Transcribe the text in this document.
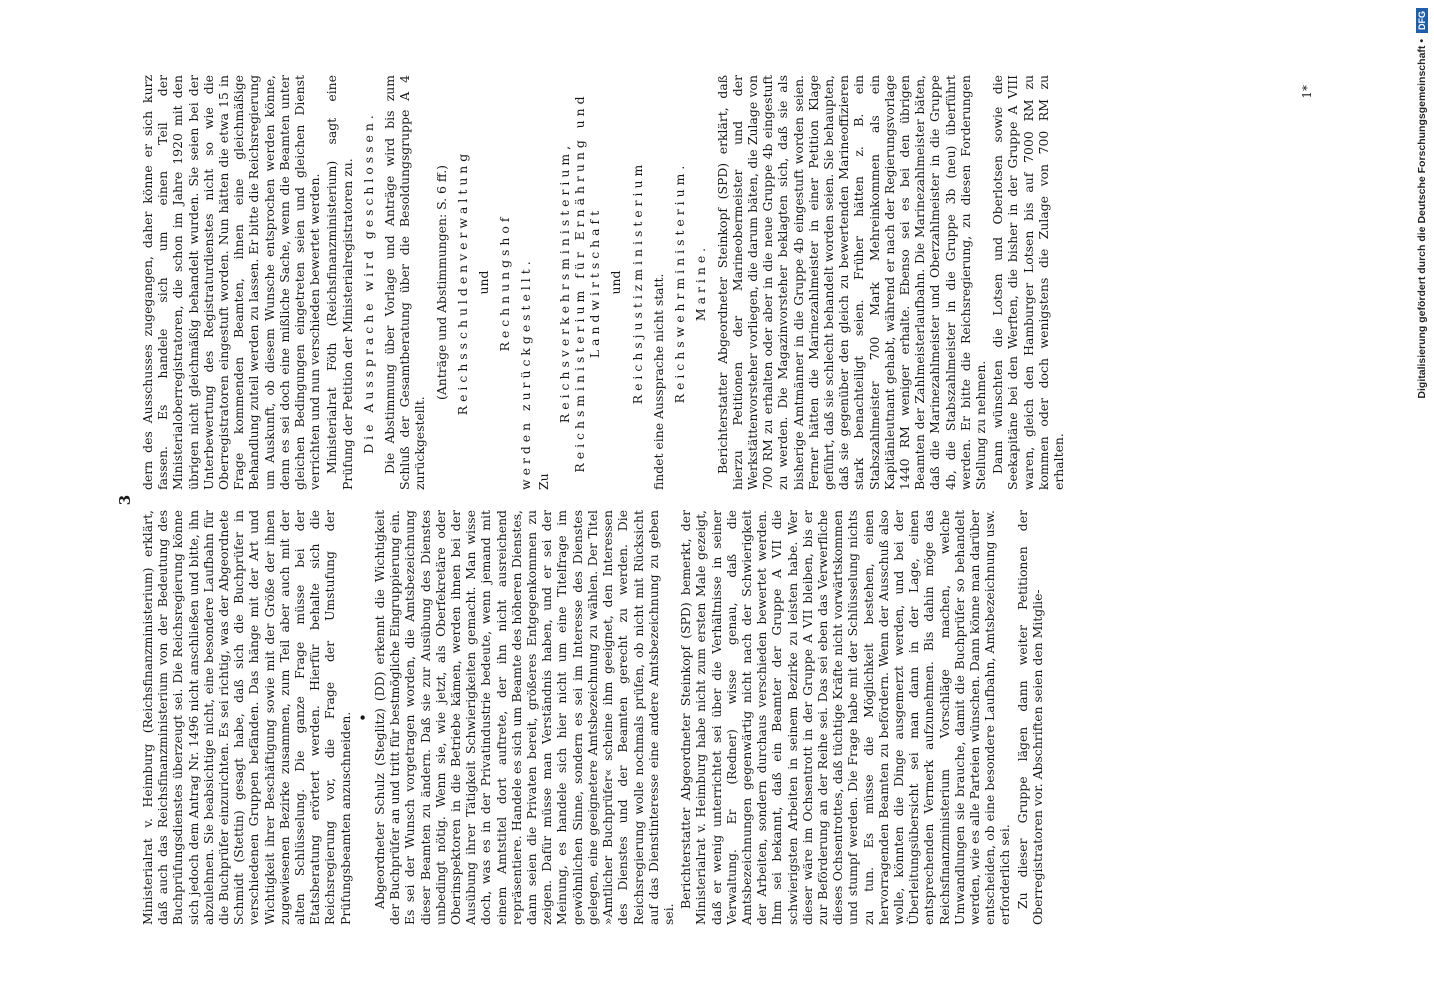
3

Ministerialrat v. Heimburg (Reichsfinanzministerium) erklärt, daß auch das Reichsfinanzministerium von der Bedeutung des Buchprüfungsdienstes überzeugt sei. Die Reichsregierung könne sich jedoch dem Antrag Nr. 1496 nicht anschließen und bitte, ihn abzulehnen. Sie beabsichtige nicht, eine besondere Laufbahn für die Buchprüfer einzurichten. Es sei richtig, was der Abgeordnete Schmidt (Stettin) gesagt habe, daß sich die Buchprüfer in verschiedenen Gruppen befänden. Das hänge mit der Art und Wichtigkeit ihrer Beschäftigung sowie mit der Größe der ihnen zugewiesenen Bezirke zusammen, zum Teil aber auch mit der alten Schlüsselung. Die ganze Frage müsse bei der Etatsberatung erörtert werden. Hierfür behalte sich die Reichsregierung vor, die Frage der Umstufung der Prüfungsbeamten anzuschneiden. • Abgeordneter Schulz (Steglitz) (DD) erkennt die Wichtigkeit der Buchprüfer an und tritt für bestmögliche Eingruppierung ein. Es sei der Wunsch vorgetragen worden, die Amtsbezeichnung dieser Beamten zu ändern. Daß sie zur Ausübung des Dienstes unbedingt nötig. Wenn sie, wie jetzt, als Oberfekretäre oder Oberinspektoren in die Betriebe kämen, werden ihnen bei der Ausübung ihrer Tätigkeit Schwierigkeiten gemacht. Man wisse doch, was es in der Privatindustrie bedeute, wenn jemand mit einem Amtstitel dort auftrete, der ihn nicht ausreichend repräsentiere. Handele es sich um Beamte des höheren Dienstes, dann seien die Privaten bereit, größeres Entgegenkommen zu zeigen. Dafür müsse man Verständnis haben, und er sei der Meinung, es handele sich hier nicht um eine Titelfrage im gewöhnlichen Sinne, sondern es sei im Interesse des Dienstes gelegen, eine geeignetere Amtsbezeichnung zu wählen. Der Titel »Amtlicher Buchprüfer« scheine ihm geeignet, den Interessen des Dienstes und der Beamten gerecht zu werden. Die Reichsregierung wolle nochmals prüfen, ob nicht mit Rücksicht auf das Dienstinteresse eine andere Amtsbezeichnung zu geben sei.

Berichterstatter Abgeordneter Steinkopf (SPD) bemerkt, der Ministerialrat v. Heimburg habe nicht zum ersten Male gezeigt, daß er wenig unterrichtet sei über die Verhältnisse in seiner Verwaltung. Er (Redner) wisse genau, daß die Amtsbezeichnungen gegenwärtig nicht nach der Schwierigkeit der Arbeiten, sondern durchaus verschieden bewertet werden. Ihm sei bekannt, daß ein Beamter der Gruppe A VII die schwierigsten Arbeiten in seinem Bezirke zu leisten habe. Wer dieser wäre im Ochsentrott in der Gruppe A VII bleiben, bis er zur Beförderung an der Reihe sei. Das sei eben das Verwerfliche dieses Ochsentrottes, daß tüchtige Kräfte nicht vorwärtskommen und stumpf werden. Die Frage habe mit der Schlüsselung nichts zu tun. Es müsse die Möglichkeit bestehen, einen hervorragenden Beamten zu befördern. Wenn der Ausschuß also wolle, könnten die Dinge ausgemerzt werden, und bei der Überleitungsübersicht sei man dann in der Lage, einen entsprechenden Vermerk aufzunehmen. Bis dahin möge das Reichsfinanzministerium Vorschläge machen, welche Umwandlungen sie brauche, damit die Buchprüfer so behandelt werden, wie es alle Parteien wünschen. Dann könne man darüber entscheiden, ob eine besondere Laufbahn, Amtsbezeichnung usw. erforderlich sei. Zu dieser Gruppe lägen dann weiter Petitionen der Oberregistratoren vor. Abschriften seien den Mitglie-

dern des Ausschusses zugegangen, daher könne er sich kurz fassen. Es handele sich um einen Teil der Ministerialoberregistratoren, die schon im Jahre 1920 mit den übrigen nicht gleichmäßig behandelt wurden. Sie seien bei der Unterbewertung des Registraturdienstes nicht so wie die Oberregistratoren eingestuft worden. Nun hätten die etwa 15 in Frage kommenden Beamten, ihnen eine gleichmäßige Behandlung zuteil werden zu lassen. Er bitte die Reichsregierung um Auskunft, ob diesem Wunsche entsprochen werden könne, denn es sei doch eine mißliche Sache, wenn die Beamten unter gleichen Bedingungen eingetreten seien und gleichen Dienst verrichten und nun verschieden bewertet werden. Ministerialrat Föth (Reichsfinanzministerium) sagt eine Prüfung der Petition der Ministerialregistratoren zu. Die Aussprache wird geschlossen. Die Abstimmung über Vorlage und Anträge wird bis zum Schluß der Gesamtberatung über die Besoldungsgruppe A 4 zurückgestellt.

(Anträge und Abstimmungen: S. 6 ff.) Reichsschuldenverwaltung und Rechnungshof werden zurückgestellt. Zu

Reichsverkehrsministerium, Reichsministerium für Ernährung und Landwirtschaft und Reichsjustizministerium findet eine Aussprache nicht statt. Reichswehrministerium. Marine. Berichterstatter Abgeordneter Steinkopf (SPD) erklärt, daß hierzu Petitionen der Marineobermeister und der Werkstättenvorsteher vorliegen, die darum bäten, die Zulage von 700 RM zu erhalten oder aber in die neue Gruppe 4b eingestuft zu werden. Die Magazinvorsteher beklagten sich, daß sie als bisherige Amtmänner in die Gruppe 4b eingestuft worden seien. Ferner hätten die Marinezahlmeister in einer Petition Klage geführt, daß sie schlecht behandelt worden seien. Sie behaupten, daß sie gegenüber den gleich zu bewertenden Marineoffizieren stark benachteiligt seien. Früher hätten z. B. ein Stabszahlmeister 700 Mark Mehreinkommen als ein Kapitänleutnant gehabt, während er nach der Regierungsvorlage 1440 RM weniger erhalte. Ebenso sei es bei den übrigen Beamten der Zahlmeisterlaufbahn. Die Marinezahlmeister bäten, daß die Marinezahlmeister und Oberzahlmeister in die Gruppe 4b, die Stabszahlmeister in die Gruppe 3b (neu) überführt werden. Er bitte die Reichsregierung, zu diesen Forderungen Stellung zu nehmen. Dann wünschten die Lotsen und Oberlotsen sowie die Seekapitäne bei den Werften, die bisher in der Gruppe A VIII waren, gleich den Hamburger Lotsen bis auf 7000 RM zu kommen oder doch wenigstens die Zulage von 700 RM zu erhalten.

1*	Digitalisierung gefördert durch die Deutsche Forschungsgemeinschaft •
DFG
